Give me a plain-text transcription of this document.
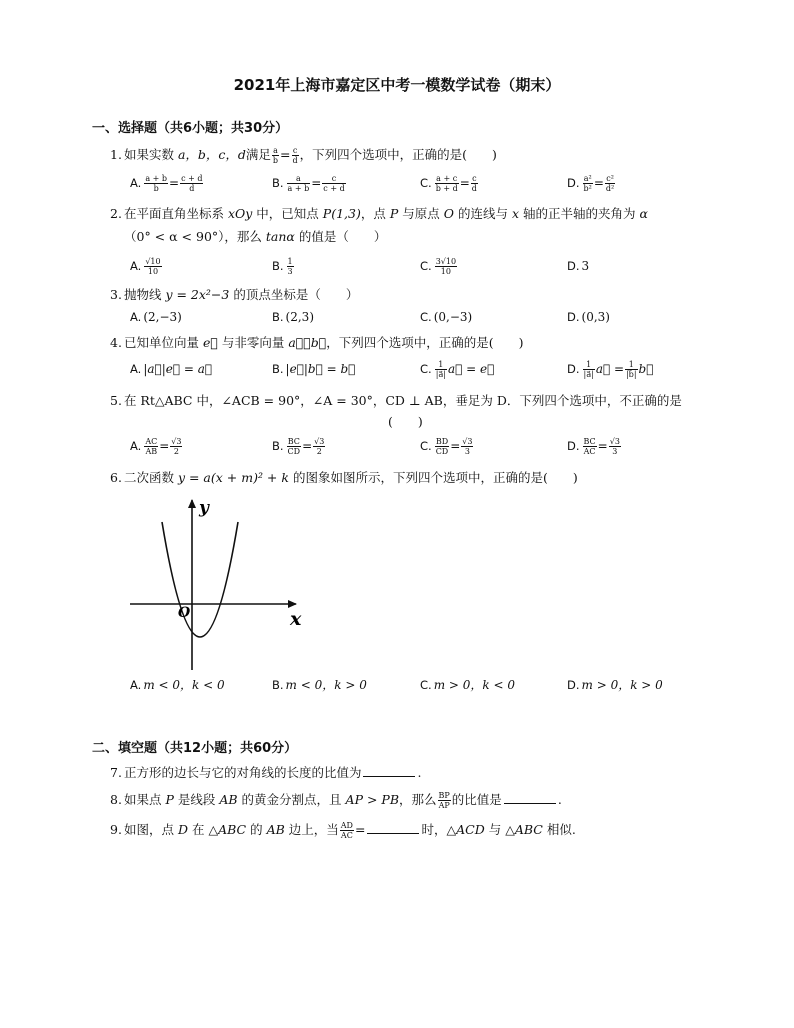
2021年上海市嘉定区中考一模数学试卷（期末）
一、选择题（共6小题；共30分）
1. 如果实数 a，b，c，d满足 $\frac{a}{b} = \frac{c}{d}$ ，下列四个选项中，正确的是(　　)
A. $\frac{a + b}{b} = \frac{c + d}{d}$	B. $\frac{a}{a + b} = \frac{c}{c + d}$	C. $\frac{a + c}{b + d} = \frac{c}{d}$	D. $\frac{\text{a²}}{\text{b²}} = \frac{\text{c²}}{\text{d²}}$
2. 在平面直角坐标系 xOy 中，已知点 P(1,3)，点 P 与原点 O 的连线与 x 轴的正半轴的夹角为 α
（0° < α < 90°），那么 tanα 的值是（　　）
A. $\frac{√10}{10}$	B. $\frac{1}{3}$	C. $\frac{3√10}{10}$	D. 3
3. 抛物线 y = 2x²−3 的顶点坐标是（　　）
A. (2,−3)	B. (2,3)	C. (0,−3)	D. (0,3)
4. 已知单位向量 e⃗ 与非零向量 a⃗，b⃗，下列四个选项中，正确的是(　　)
A. |a⃗|e⃗ = a⃗	B. |e⃗|b⃗ = b⃗	C. $\frac{1}{|a⃗|}$ a⃗ = e⃗	D. $\frac{1}{|a⃗|}$ a⃗ = $\frac{1}{|b⃗|}$ b⃗
5. 在 Rt△ABC 中，∠ACB = 90°，∠A = 30°，CD ⊥ AB，垂足为 D．下列四个选项中，不正确的是
(　　)
A. $\frac{AC}{AB} = \frac{√3}{2}$	B. $\frac{BC}{CD} = \frac{√3}{2}$	C. $\frac{BD}{CD} = \frac{√3}{3}$	D. $\frac{BC}{AC} = \frac{√3}{3}$
6. 二次函数 y = a(x + m)² + k 的图象如图所示，下列四个选项中，正确的是(　　)
y
x
O
A. m < 0，k < 0	B. m < 0，k > 0	C. m > 0，k < 0	D. m > 0，k > 0
二、填空题（共12小题；共60分）
7. 正方形的边长与它的对角线的长度的比值为	.
8. 如果点 P 是线段 AB 的黄金分割点，且 AP > PB，那么 $\frac{BP}{AP}$ 的比值是	.
9. 如图，点 D 在 △ABC 的 AB 边上，当 $\frac{AD}{AC}$ =	时，△ACD 与 △ABC 相似.
